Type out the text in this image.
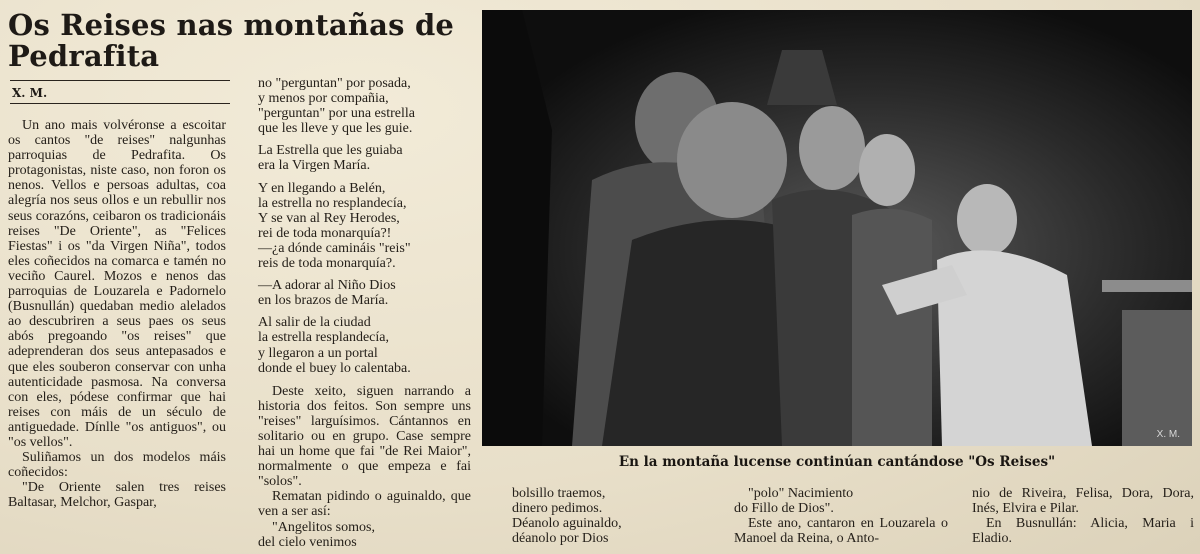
Os Reises nas montañas de Pedrafita
X. M.

Un ano mais volvéronse a escoitar os cantos "de reises" nalgunhas parroquias de Pedrafita. Os protagonistas, niste caso, non foron os nenos. Vellos e persoas adultas, coa alegría nos seus ollos e un rebullir nos seus corazóns, ceibaron os tradicionáis reises "De Oriente", as "Felices Fiestas" i os "da Virgen Niña", todos eles coñecidos na comarca e tamén no veciño Caurel. Mozos e nenos das parroquias de Louzarela e Padornelo (Busnullán) quedaban medio alelados ao descubriren a seus paes os seus abós pregoando "os reises" que adeprenderan dos seus antepasados e que eles souberon conservar con unha autenticidade pasmosa. Na conversa con eles, pódese confirmar que hai reises con máis de un século de antiguedade. Dínlle "os antiguos", ou "os vellos".

Suliñamos un dos modelos máis coñecidos:

"De Oriente salen tres reises Baltasar, Melchor, Gaspar,

no "perguntan" por posada,
y menos por compañia,
"perguntan" por una estrella
que les lleve y que les guie.

La Estrella que les guiaba
era la Virgen María.

Y en llegando a Belén,
la estrella no resplandecía,
Y se van al Rey Herodes,
rei de toda monarquía?!
—¿a dónde camináis "reis"
reis de toda monarquía?.

—A adorar al Niño Dios
en los brazos de María.

Al salir de la ciudad
la estrella resplandecía,
y llegaron a un portal
donde el buey lo calentaba.

Deste xeito, siguen narrando a historia dos feitos. Son sempre uns "reises" larguísimos. Cántannos en solitario ou en grupo. Case sempre hai un home que fai "de Rei Maior", normalmente o que empeza e fai "solos".

Rematan pidindo o aguinaldo, que ven a ser así:

"Angelitos somos,
del cielo venimos

X. M.
En la montaña lucense continúan cantándose "Os Reises"
bolsillo traemos,
dinero pedimos.
Déanolo aguinaldo,
déanolo por Dios

"polo" Nacimiento
do Fillo de Dios".

Este ano, cantaron en Louzarela o Manoel da Reina, o Anto-

nio de Riveira, Felisa, Dora, Dora, Inés, Elvira e Pilar.

En Busnullán: Alicia, Maria i Eladio.
